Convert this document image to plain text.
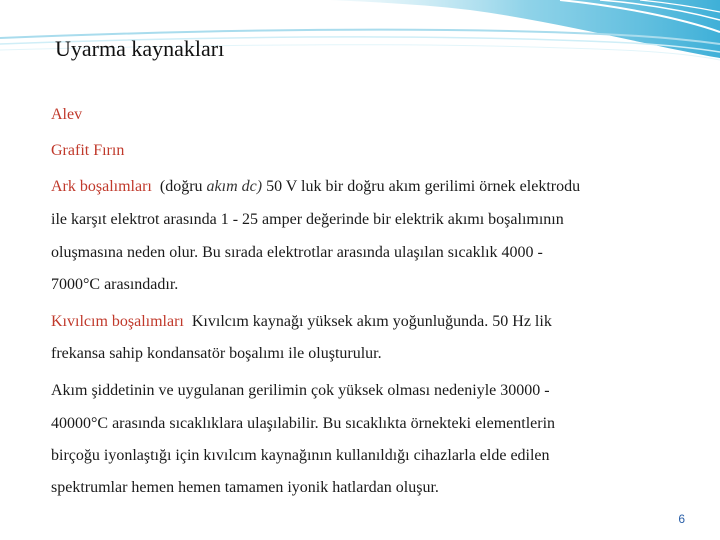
Uyarma kaynakları
Alev
Grafit Fırın
Ark boşalımları (doğru akım dc) 50 V luk bir doğru akım gerilimi örnek elektrodu
ile karşıt elektrot arasında 1 - 25 amper değerinde bir elektrik akımı boşalımının
oluşmasına neden olur. Bu sırada elektrotlar arasında ulaşılan sıcaklık 4000 -
7000°C arasındadır.
Kıvılcım boşalımları Kıvılcım kaynağı yüksek akım yoğunluğunda. 50 Hz lik
frekansa sahip kondansatör boşalımı ile oluşturulur.
Akım şiddetinin ve uygulanan gerilimin çok yüksek olması nedeniyle 30000 -
40000°C arasında sıcaklıklara ulaşılabilir. Bu sıcaklıkta örnekteki elementlerin
birçoğu iyonlaştığı için kıvılcım kaynağının kullanıldığı cihazlarla elde edilen
spektrumlar hemen hemen tamamen iyonik hatlardan oluşur.
6
